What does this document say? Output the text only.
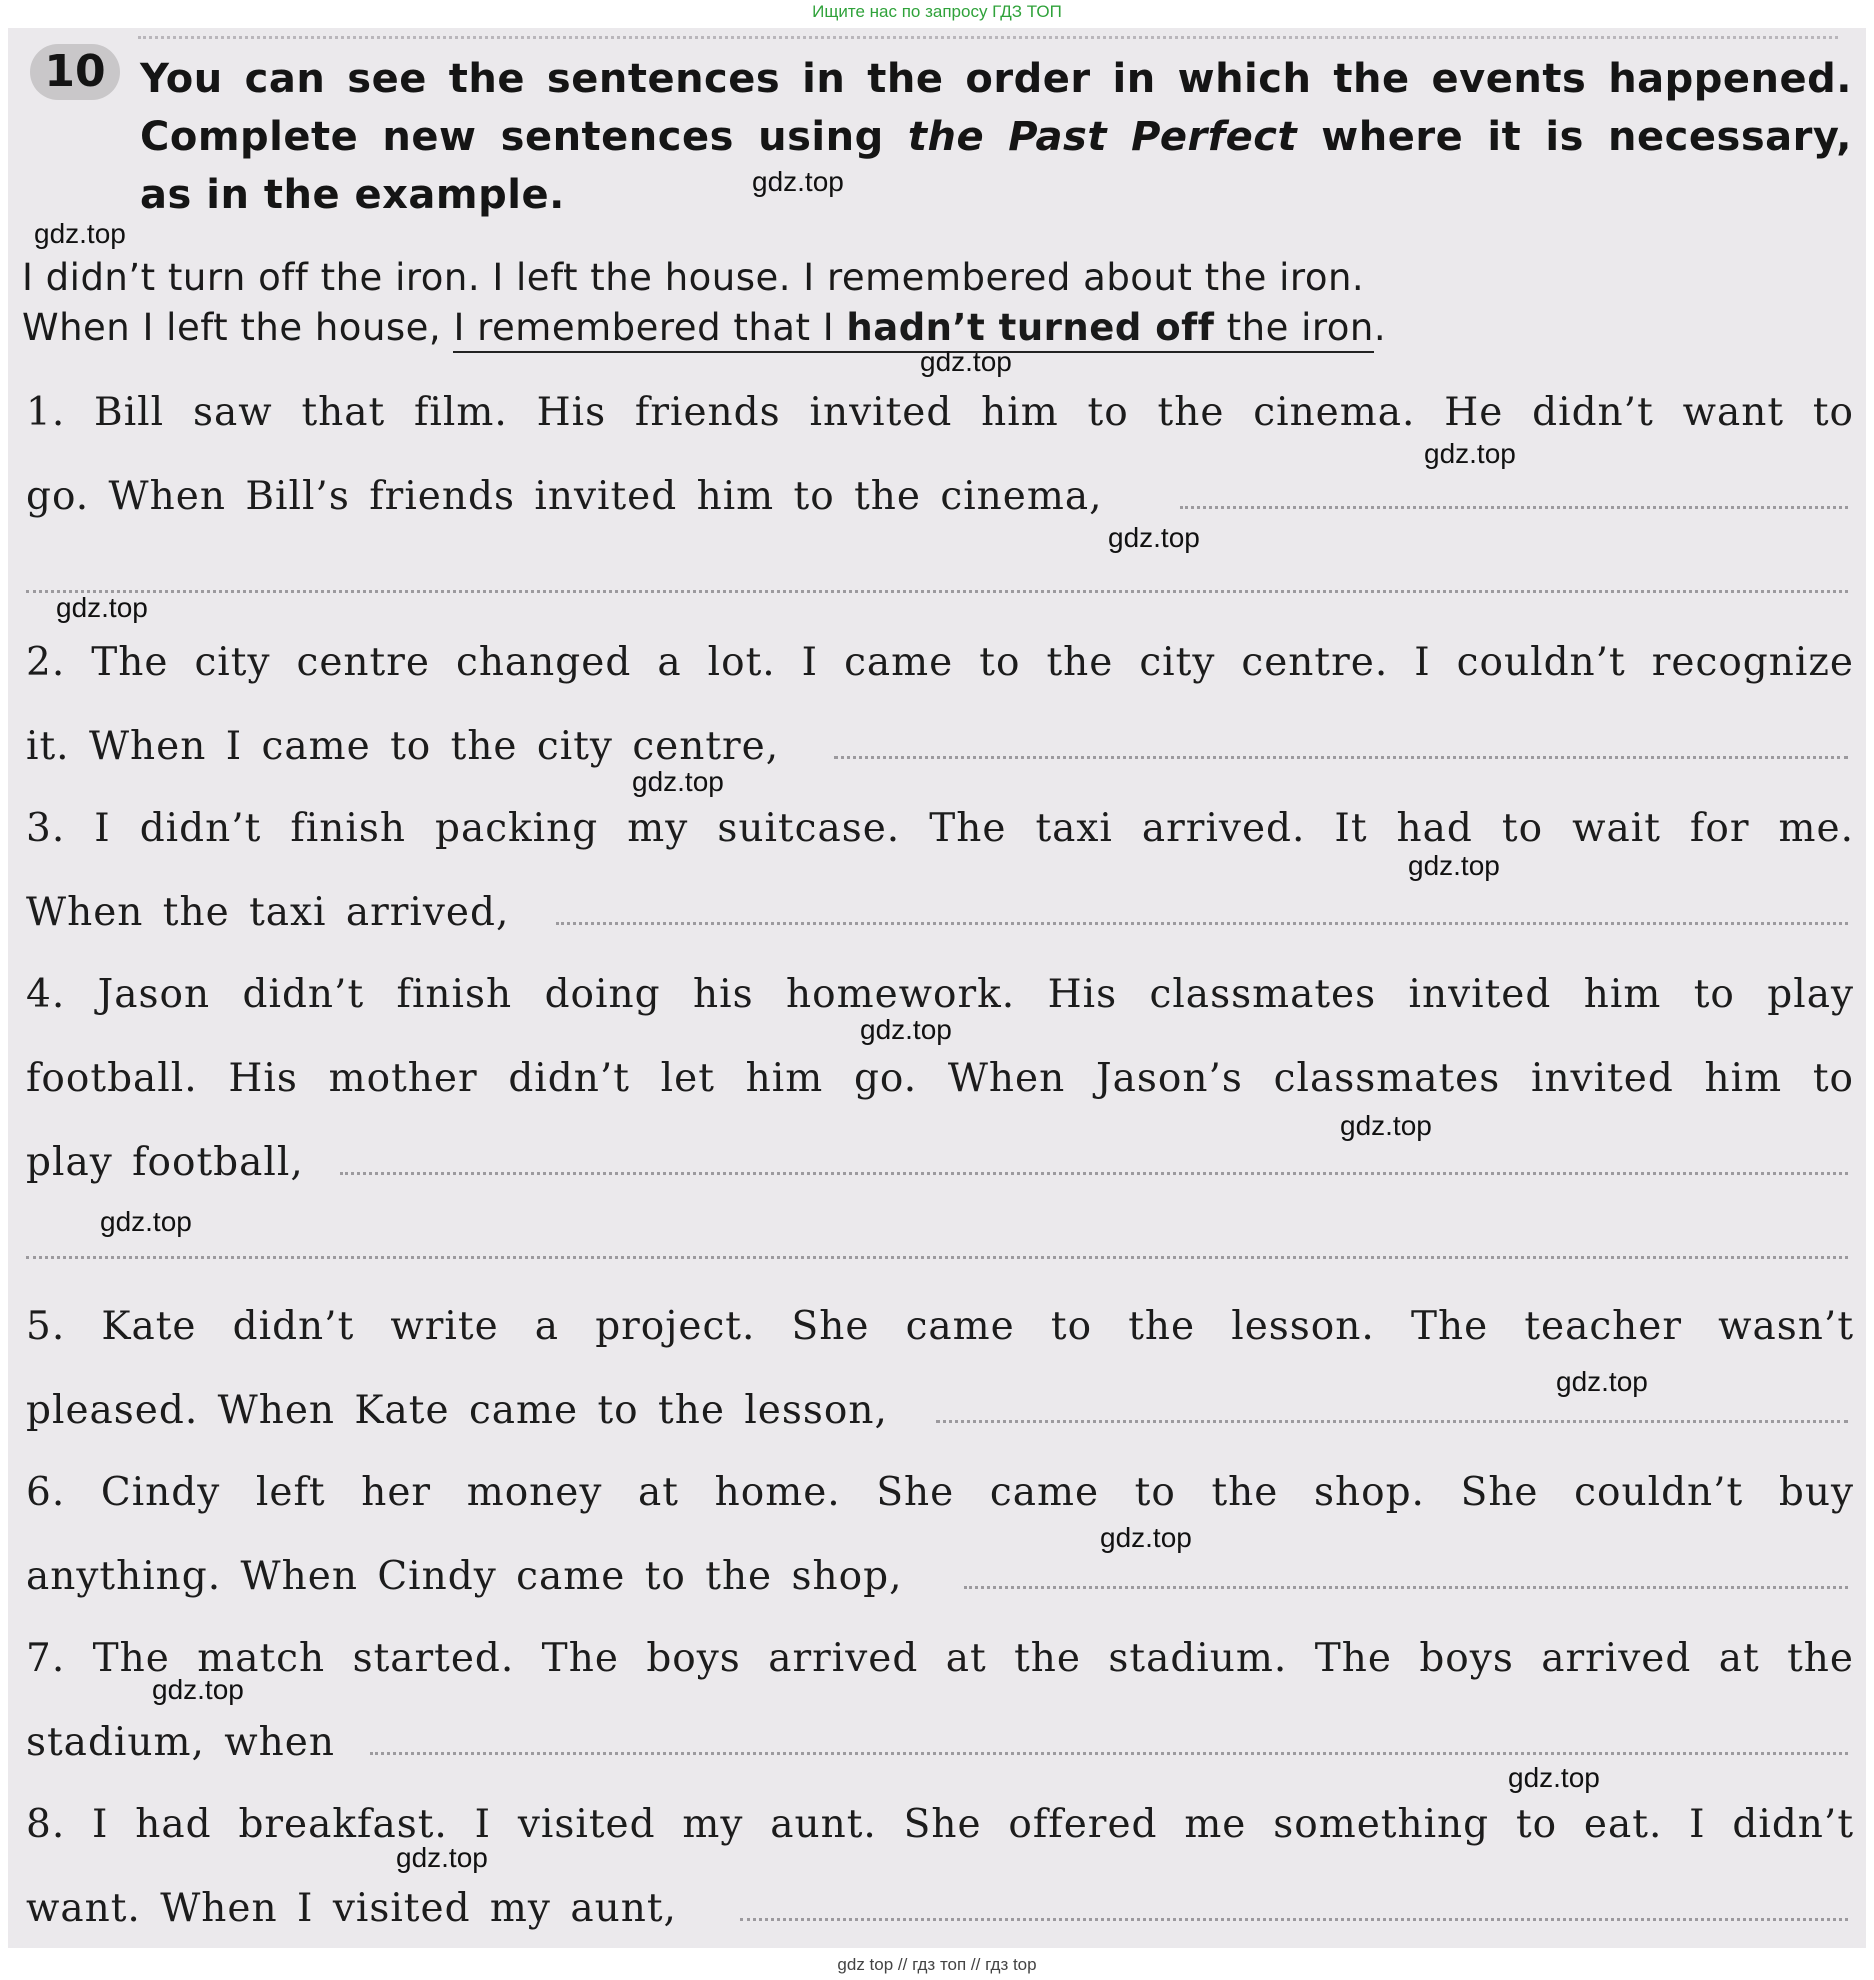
Ищите нас по запросу ГДЗ ТОП
10 You can see the sentences in the order in which the events happened.
Complete new sentences using the Past Perfect where it is necessary,
as in the example.
I didn’t turn off the iron. I left the house. I remembered about the iron.
When I left the house, I remembered that I hadn’t turned off the iron.
1. Bill saw that film. His friends invited him to the cinema. He didn’t want to
go. When Bill’s friends invited him to the cinema,
2. The city centre changed a lot. I came to the city centre. I couldn’t recognize
it. When I came to the city centre,
3. I didn’t finish packing my suitcase. The taxi arrived. It had to wait for me.
When the taxi arrived,
4. Jason didn’t finish doing his homework. His classmates invited him to play
football. His mother didn’t let him go. When Jason’s classmates invited him to
play football,
5. Kate didn’t write a project. She came to the lesson. The teacher wasn’t
pleased. When Kate came to the lesson,
6. Cindy left her money at home. She came to the shop. She couldn’t buy
anything. When Cindy came to the shop,
7. The match started. The boys arrived at the stadium. The boys arrived at the
stadium, when
8. I had breakfast. I visited my aunt. She offered me something to eat. I didn’t
want. When I visited my aunt,
gdz.top
gdz.top
gdz.top
gdz.top
gdz.top
gdz.top
gdz.top
gdz.top
gdz.top
gdz.top
gdz.top
gdz.top
gdz.top
gdz.top
gdz.top
gdz.top
gdz top // гдз топ // гдз top
